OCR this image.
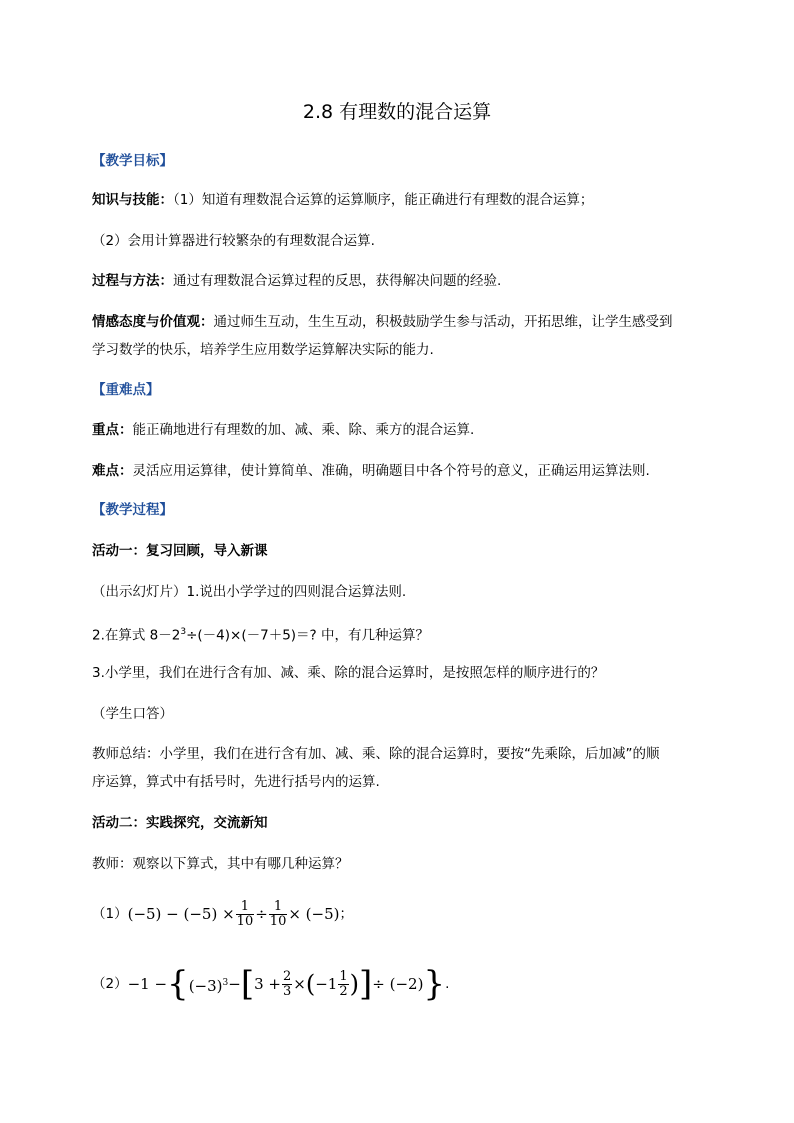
2.8 有理数的混合运算
【教学目标】
知识与技能：（1）知道有理数混合运算的运算顺序，能正确进行有理数的混合运算；
（2）会用计算器进行较繁杂的有理数混合运算.
过程与方法：通过有理数混合运算过程的反思，获得解决问题的经验.
情感态度与价值观：通过师生互动，生生互动，积极鼓励学生参与活动，开拓思维，让学生感受到
学习数学的快乐，培养学生应用数学运算解决实际的能力.
【重难点】
重点：能正确地进行有理数的加、减、乘、除、乘方的混合运算.
难点：灵活应用运算律，使计算简单、准确，明确题目中各个符号的意义，正确运用运算法则.
【教学过程】
活动一：复习回顾，导入新课
（出示幻灯片）1.说出小学学过的四则混合运算法则.
2.在算式 $8-2^3\div(-4)\times(-7+5)=$? 中，有几种运算？
3.小学里，我们在进行含有加、减、乘、除的混合运算时，是按照怎样的顺序进行的？
（学生口答）
教师总结：小学里，我们在进行含有加、减、乘、除的混合运算时，要按“先乘除，后加减”的顺
序运算，算式中有括号时，先进行括号内的运算.
活动二：实践探究，交流新知
教师：观察以下算式，其中有哪几种运算？
（1） $(-5) - (-5) \times \frac{1}{10} \div \frac{1}{10} \times (-5)$ ；
（2） −1 − { $(-3)^3$ − [ $3 + \frac{2}{3}$ × ( $-1 \frac{1}{2}$ ) ] ÷ (−2) } .
